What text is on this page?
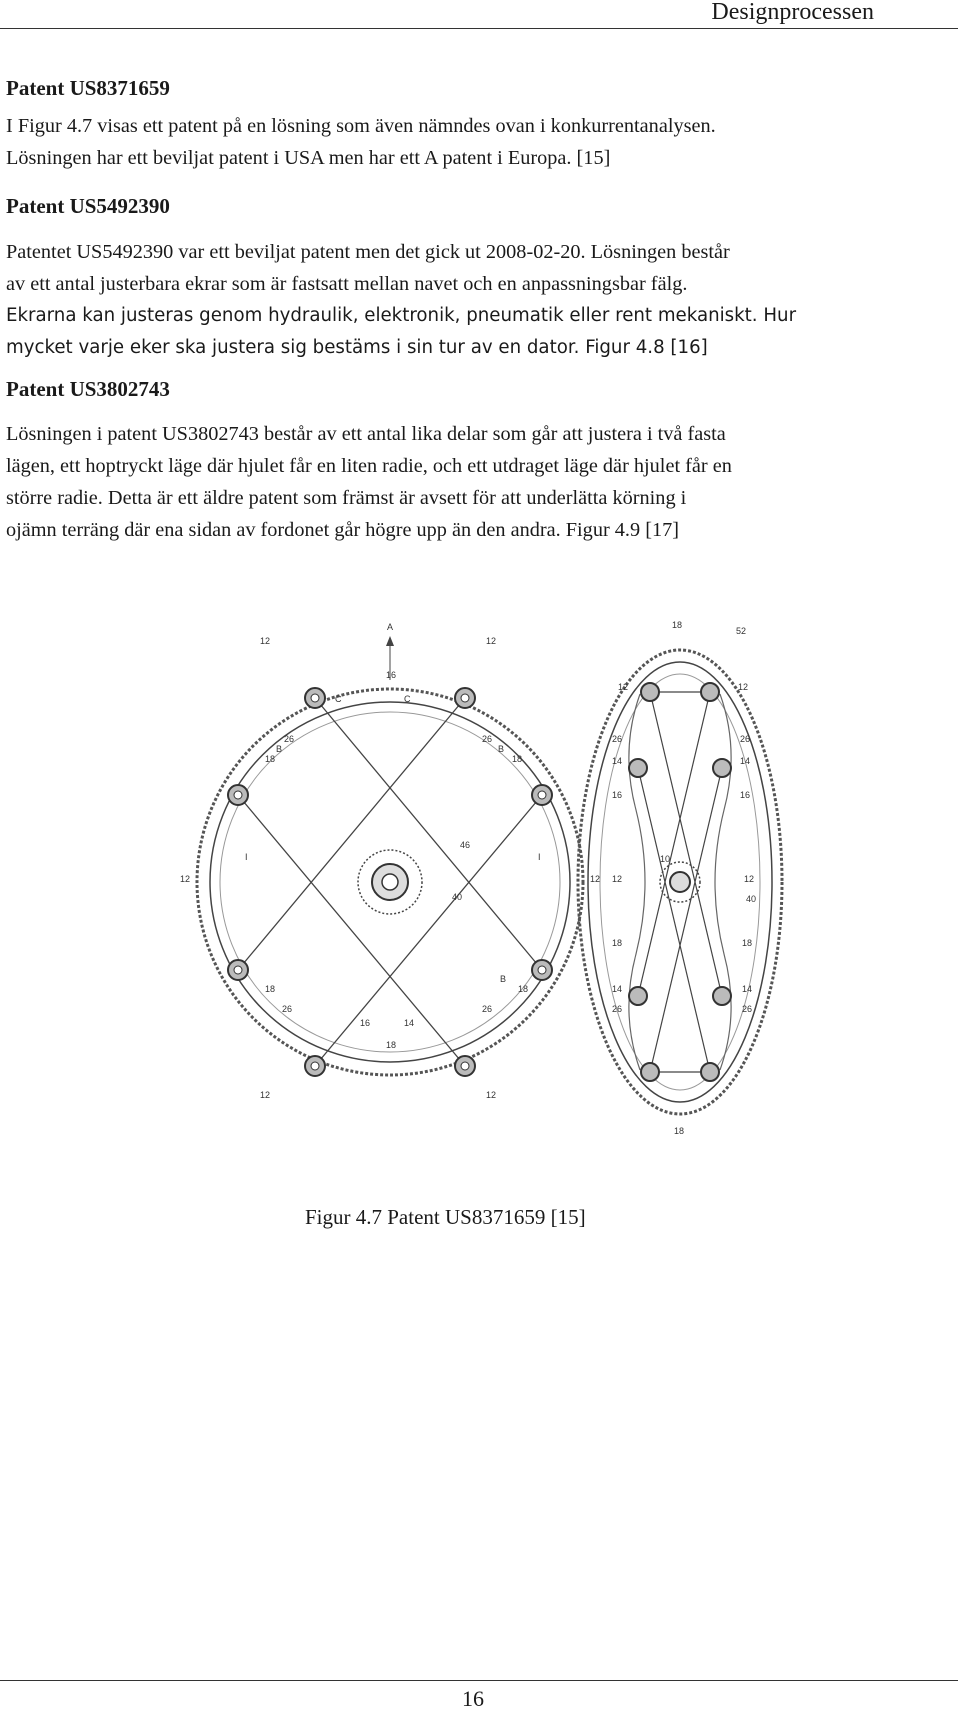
Designprocessen

Patent US8371659

I Figur 4.7 visas ett patent på en lösning som även nämndes ovan i konkurrentanalysen.

Lösningen har ett beviljat patent i USA men har ett A patent i Europa. [15]

Patent US5492390

Patentet US5492390 var ett beviljat patent men det gick ut 2008-02-20. Lösningen består

av ett antal justerbara ekrar som är fastsatt mellan navet och en anpassningsbar fälg.

Ekrarna kan justeras genom hydraulik, elektronik, pneumatik eller rent mekaniskt. Hur

mycket varje eker ska justera sig bestäms i sin tur av en dator. Figur 4.8 [16]

Patent US3802743

Lösningen i patent US3802743 består av ett antal lika delar som går att justera i två fasta

lägen, ett hoptryckt läge där hjulet får en liten radie, och ett utdraget läge där hjulet får en

större radie. Detta är ett äldre patent som främst är avsett för att underlätta körning i

ojämn terräng där ena sidan av fordonet går högre upp än den andra. Figur 4.9 [17]

A
12	12
16
C	C
26	26
18
B	B
18
46
I	I
12	12
40
18	18
B
26	26
16	14
18
12	12
18
52
12	12
26	26
14	14
16	16
10
12	12
40
18	18
14	14
26	26
18
Figur 4.7 Patent US8371659 [15]
16
